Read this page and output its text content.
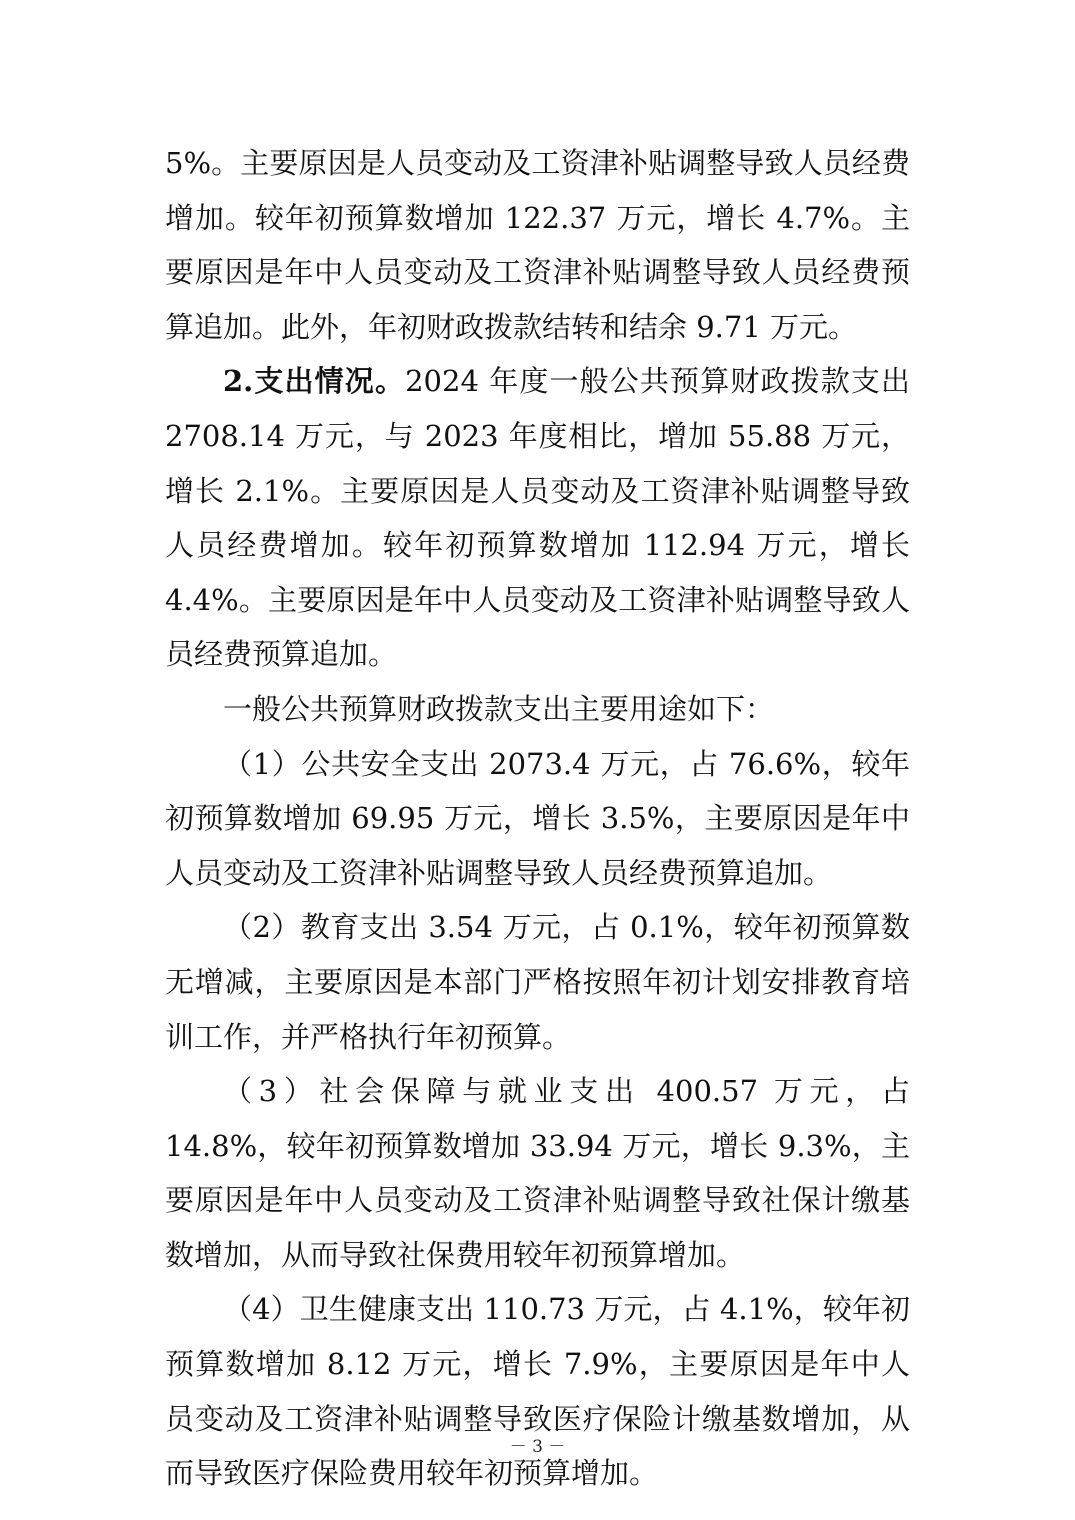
5%。主要原因是人员变动及工资津补贴调整导致人员经费增加。较年初预算数增加 122.37 万元，增长 4.7%。主要原因是年中人员变动及工资津补贴调整导致人员经费预算追加。此外，年初财政拨款结转和结余 9.71 万元。

2.支出情况。2024 年度一般公共预算财政拨款支出 2708.14 万元，与 2023 年度相比，增加 55.88 万元，增长 2.1%。主要原因是人员变动及工资津补贴调整导致人员经费增加。较年初预算数增加 112.94 万元，增长 4.4%。主要原因是年中人员变动及工资津补贴调整导致人员经费预算追加。

一般公共预算财政拨款支出主要用途如下：

（1）公共安全支出 2073.4 万元，占 76.6%，较年初预算数增加 69.95 万元，增长 3.5%，主要原因是年中人员变动及工资津补贴调整导致人员经费预算追加。

（2）教育支出 3.54 万元，占 0.1%，较年初预算数无增减，主要原因是本部门严格按照年初计划安排教育培训工作，并严格执行年初预算。

（3）社会保障与就业支出 400.57 万元，占 14.8%，较年初预算数增加 33.94 万元，增长 9.3%，主要原因是年中人员变动及工资津补贴调整导致社保计缴基数增加，从而导致社保费用较年初预算增加。

（4）卫生健康支出 110.73 万元，占 4.1%，较年初预算数增加 8.12 万元，增长 7.9%，主要原因是年中人员变动及工资津补贴调整导致医疗保险计缴基数增加，从而导致医疗保险费用较年初预算增加。

－ 3 －
